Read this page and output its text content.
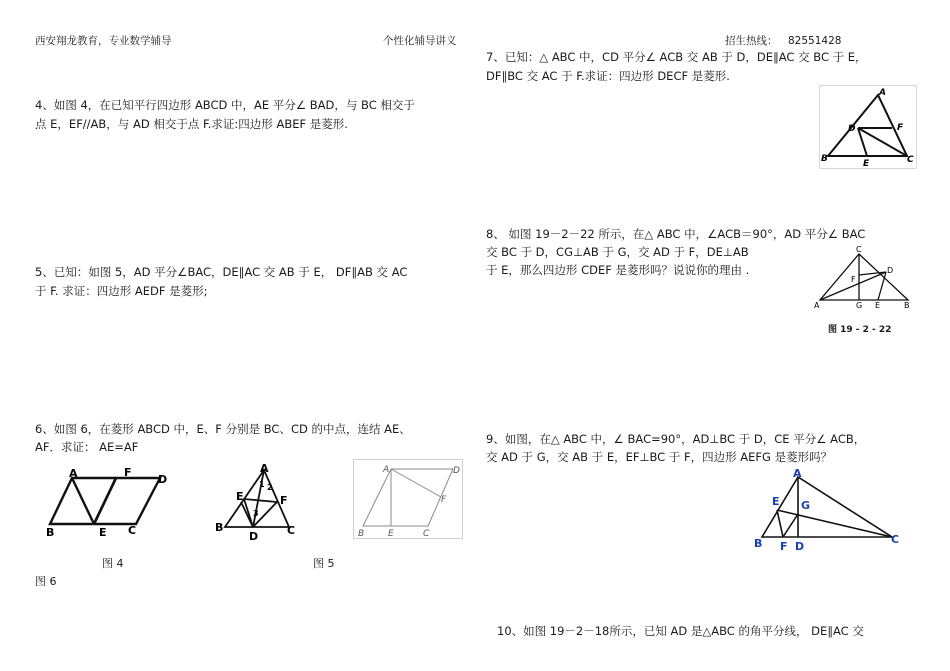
西安翔龙教育，专业数学辅导	个性化辅导讲义	招生热线： 82551428
4、如图 4，在已知平行四边形 ABCD 中，AE 平分∠ BAD，与 BC 相交于
点 E，EF//AB，与 AD 相交于点 F.求证:四边形 ABEF 是菱形.
5、已知：如图 5，AD 平分∠BAC，DE∥AC 交 AB 于 E， DF∥AB 交 AC
于 F. 求证：四边形 AEDF 是菱形;
6、如图 6，在菱形 ABCD 中，E、F 分别是 BC、CD 的中点，连结 AE、
AF．求证： AE=AF
A	F
D
B	E C
A
E	F
B
D	C
1 2
3
A	D
F
B	E	C
图 4	图 5
图 6
7、已知：△ ABC 中，CD 平分∠ ACB 交 AB 于 D，DE∥AC 交 BC 于 E，
DF∥BC 交 AC 于 F.求证：四边形 DECF 是菱形.
A
D	F
B	E	C
8、 如图 19－2－22 所示，在△ ABC 中，∠ACB＝90°，AD 平分∠ BAC
交 BC 于 D，CG⊥AB 于 G，交 AD 于 F，DE⊥AB
于 E，那么四边形 CDEF 是菱形吗？说说你的理由 .
C
F
D
A	G E	B
图 19 - 2 - 22
9、如图，在△ ABC 中，∠ BAC=90°，AD⊥BC 于 D，CE 平分∠ ACB，
交 AD 于 G，交 AB 于 E，EF⊥BC 于 F，四边形 AEFG 是菱形吗？
A
E G
B F D
C
10、如图 19－2－18所示，已知 AD 是△ABC 的角平分线， DE∥AC 交
